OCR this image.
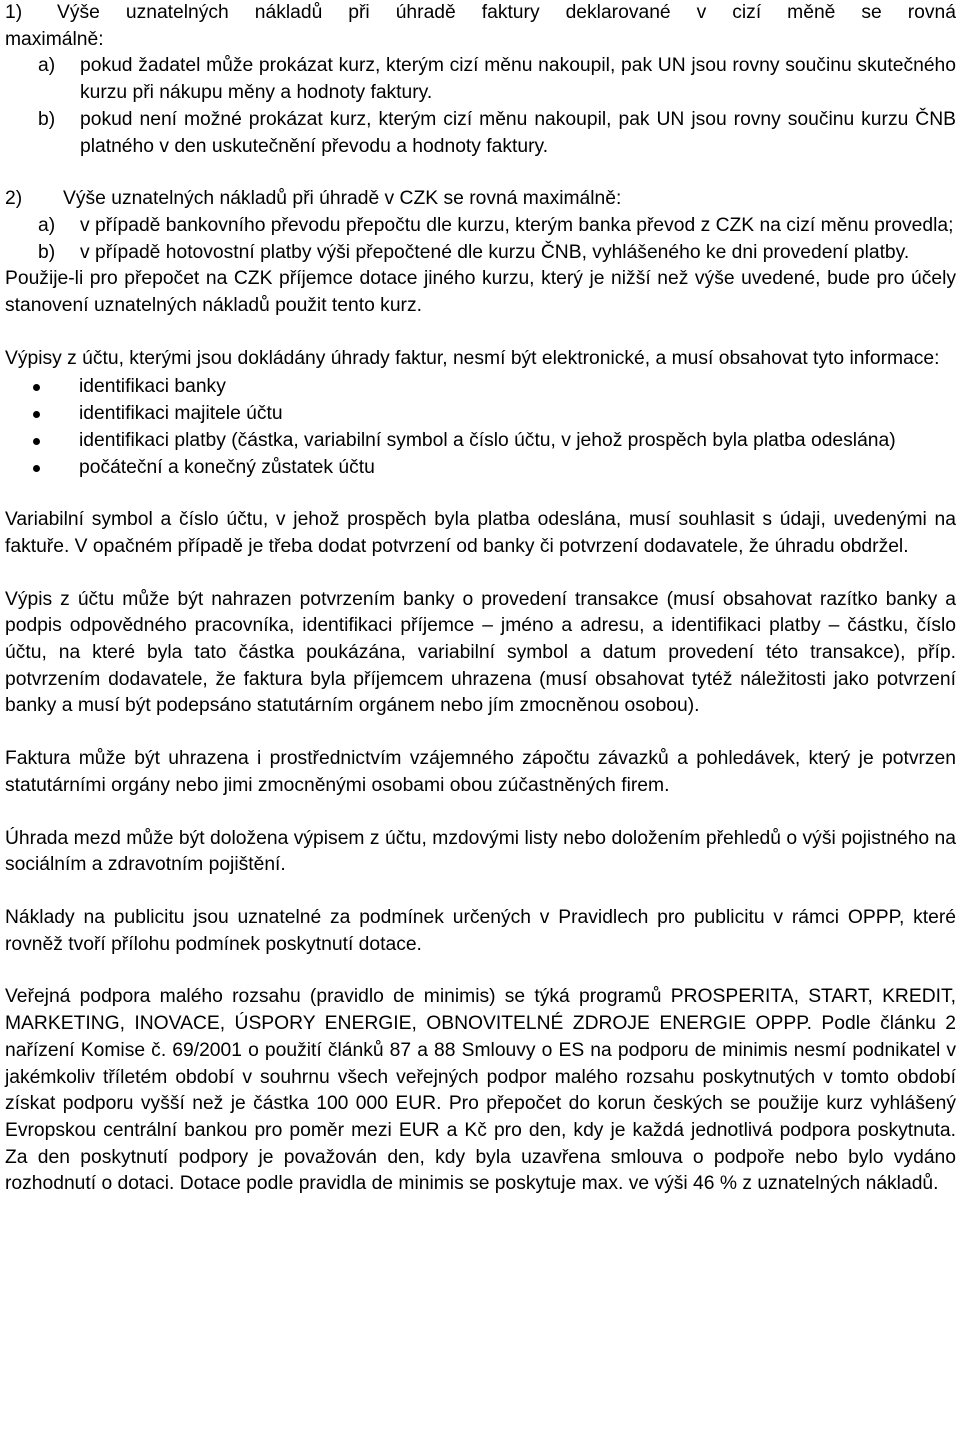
1)	Výše uznatelných nákladů při úhradě faktury deklarované v cizí měně se rovná

maximálně:

a)	pokud žadatel může prokázat kurz, kterým cizí měnu nakoupil, pak UN jsou rovny součinu skutečného kurzu při nákupu měny a hodnoty faktury.

b)	pokud není možné prokázat kurz, kterým cizí měnu nakoupil, pak UN jsou rovny součinu kurzu ČNB platného v den uskutečnění převodu a hodnoty faktury.

2)	Výše uznatelných nákladů při úhradě v CZK se rovná maximálně:

a)	v případě bankovního převodu přepočtu dle kurzu, kterým banka převod z CZK na cizí měnu provedla;

b)	v případě hotovostní platby výši přepočtené dle kurzu ČNB, vyhlášeného ke dni provedení platby.

Použije-li pro přepočet na CZK příjemce dotace jiného kurzu, který je nižší než výše uvedené, bude pro účely stanovení uznatelných nákladů použit tento kurz.

Výpisy z účtu, kterými jsou dokládány úhrady faktur, nesmí být elektronické, a musí obsahovat tyto informace:

identifikaci banky
identifikaci majitele účtu
identifikaci platby (částka, variabilní symbol a číslo účtu, v jehož prospěch byla platba odeslána)
počáteční a konečný zůstatek účtu

Variabilní symbol a číslo účtu, v jehož prospěch byla platba odeslána, musí souhlasit s údaji, uvedenými na faktuře. V opačném případě je třeba dodat potvrzení od banky či potvrzení dodavatele, že úhradu obdržel.

Výpis z účtu může být nahrazen potvrzením banky o provedení transakce (musí obsahovat razítko banky a podpis odpovědného pracovníka, identifikaci příjemce – jméno a adresu, a identifikaci platby – částku, číslo účtu, na které byla tato částka poukázána, variabilní symbol a datum provedení této transakce), příp. potvrzením dodavatele, že faktura byla příjemcem uhrazena (musí obsahovat tytéž náležitosti jako potvrzení banky a musí být podepsáno statutárním orgánem nebo jím zmocněnou osobou).

Faktura může být uhrazena i prostřednictvím vzájemného zápočtu závazků a pohledávek, který je potvrzen statutárními orgány nebo jimi zmocněnými osobami obou zúčastněných firem.

Úhrada mezd může být doložena výpisem z účtu, mzdovými listy nebo doložením přehledů o výši pojistného na sociálním a zdravotním pojištění.

Náklady na publicitu jsou uznatelné za podmínek určených v Pravidlech pro publicitu v rámci OPPP, které rovněž tvoří přílohu podmínek poskytnutí dotace.

Veřejná podpora malého rozsahu (pravidlo de minimis) se týká programů PROSPERITA, START, KREDIT, MARKETING, INOVACE, ÚSPORY ENERGIE, OBNOVITELNÉ ZDROJE ENERGIE OPPP. Podle článku 2 nařízení Komise č. 69/2001 o použití článků 87 a 88 Smlouvy o ES na podporu de minimis nesmí podnikatel v jakémkoliv tříletém období v souhrnu všech veřejných podpor malého rozsahu poskytnutých v tomto období získat podporu vyšší než je částka 100 000 EUR. Pro přepočet do korun českých se použije kurz vyhlášený Evropskou centrální bankou pro poměr mezi EUR a Kč pro den, kdy je každá jednotlivá podpora poskytnuta. Za den poskytnutí podpory je považován den, kdy byla uzavřena smlouva o podpoře nebo bylo vydáno rozhodnutí o dotaci. Dotace podle pravidla de minimis se poskytuje max. ve výši 46 % z uznatelných nákladů.
